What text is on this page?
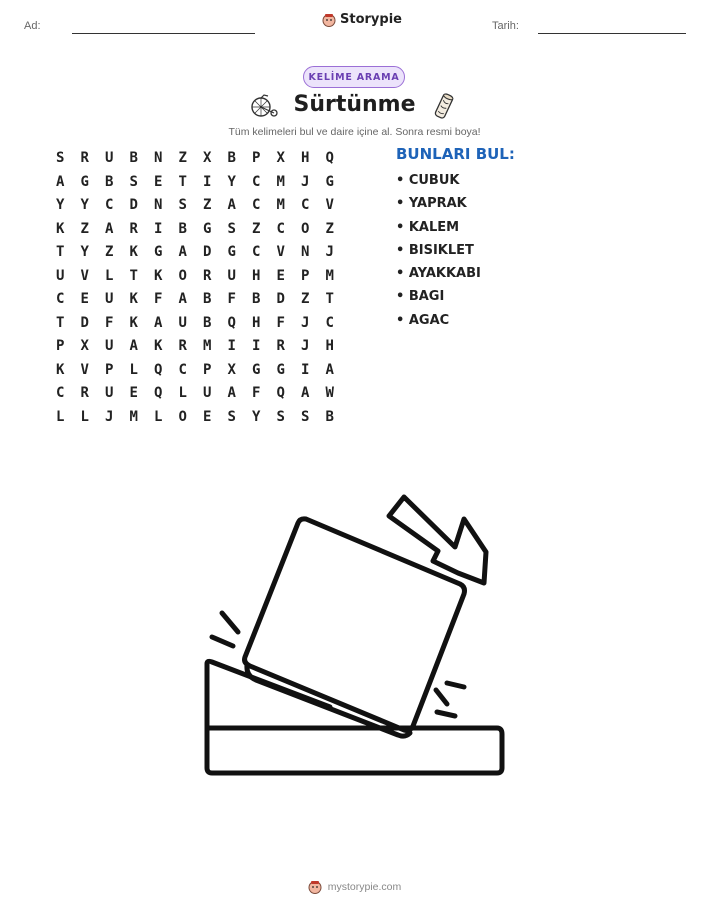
Ad:	Storypie	Tarih:
KELİME ARAMA
Sürtünme
Tüm kelimeleri bul ve daire içine al. Sonra resmi boya!
S	R	U	B	N	Z	X	B	P	X	H	Q
A	G	B	S	E	T	I	Y	C	M	J	G
Y	Y	C	D	N	S	Z	A	C	M	C	V
K	Z	A	R	I	B	G	S	Z	C	O	Z
T	Y	Z	K	G	A	D	G	C	V	N	J
U	V	L	T	K	O	R	U	H	E	P	M
C	E	U	K	F	A	B	F	B	D	Z	T
T	D	F	K	A	U	B	Q	H	F	J	C
P	X	U	A	K	R	M	I	I	R	J	H
K	V	P	L	Q	C	P	X	G	G	I	A
C	R	U	E	Q	L	U	A	F	Q	A	W
L	L	J	M	L	O	E	S	Y	S	S	B
BUNLARI BUL:
• CUBUK
• YAPRAK
• KALEM
• BISIKLET
• AYAKKABI
• BAGI
• AGAC
mystorypie.com
